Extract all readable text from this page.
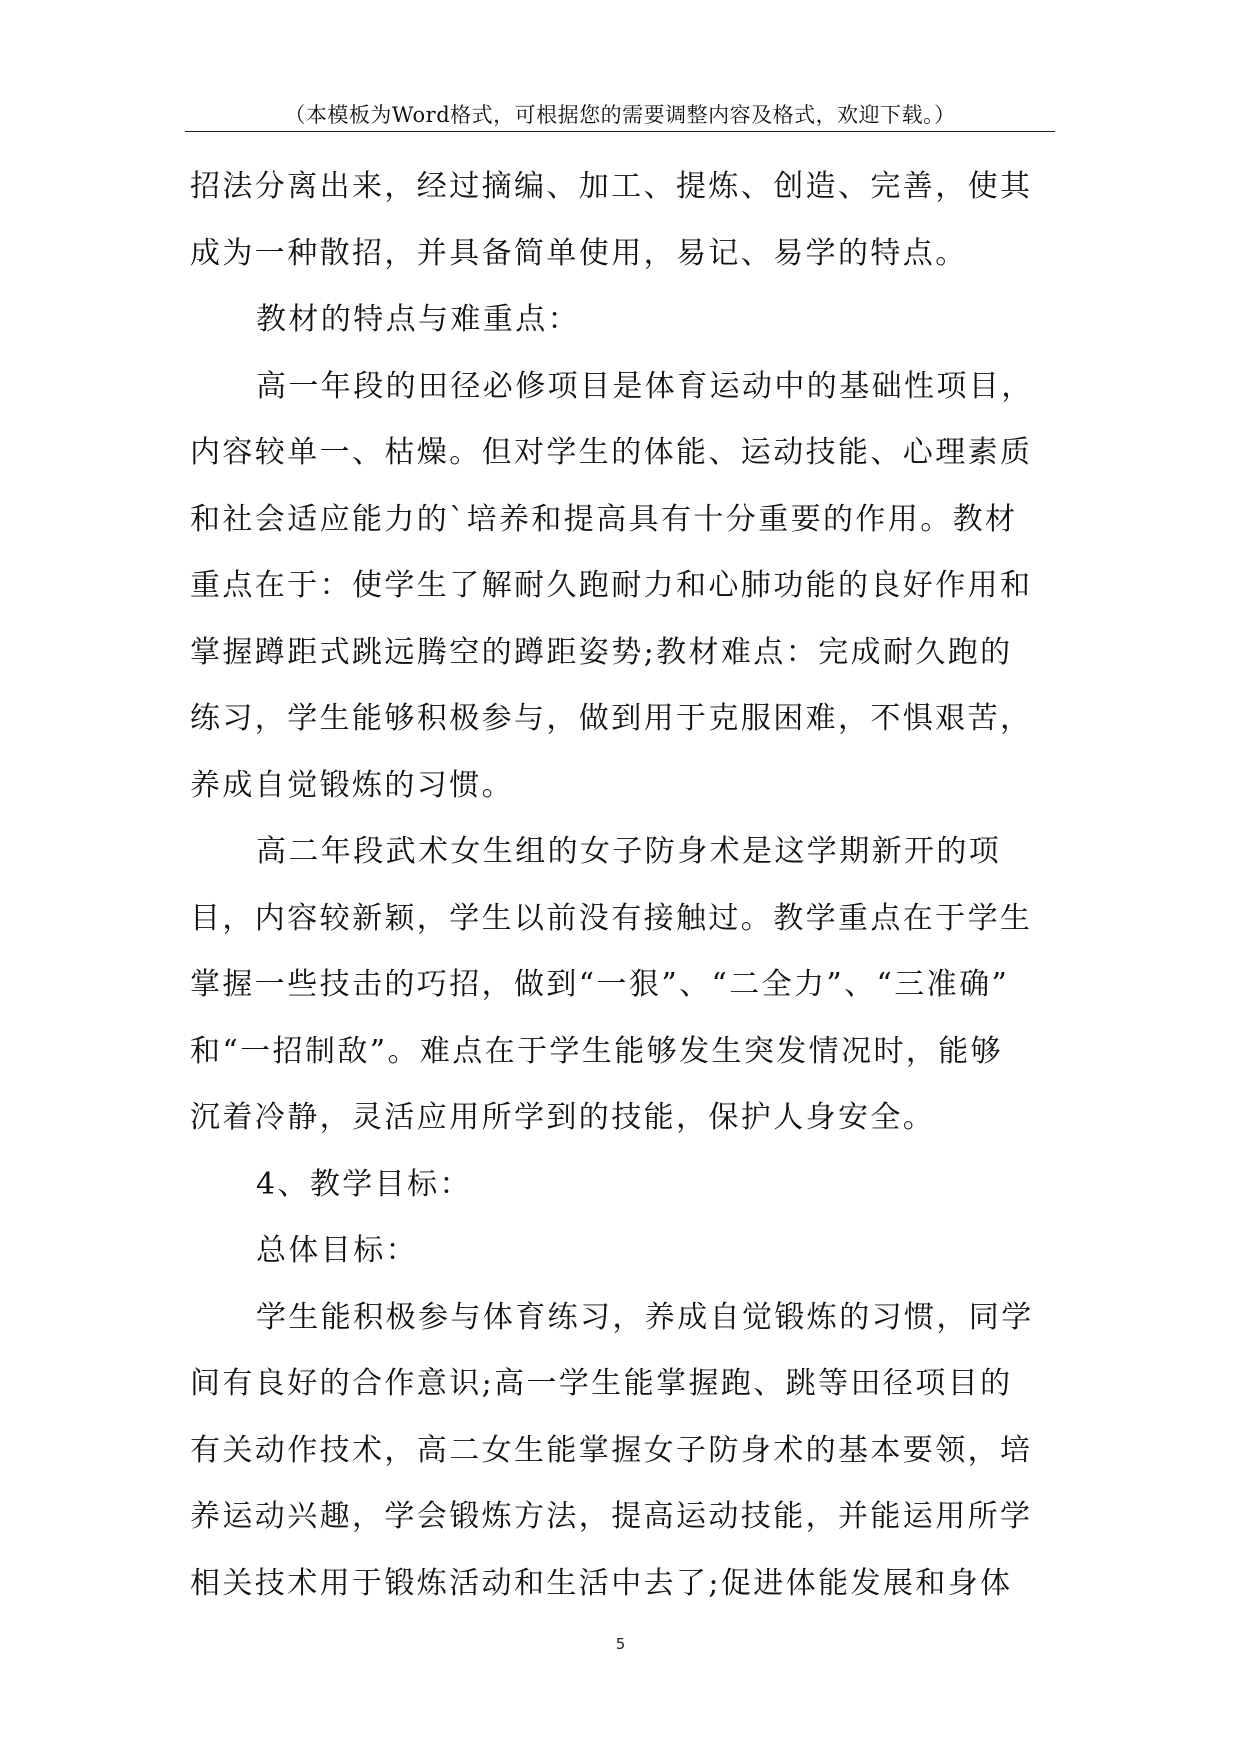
（本模板为Word格式，可根据您的需要调整内容及格式，欢迎下载。）
招法分离出来，经过摘编、加工、提炼、创造、完善，使其
成为一种散招，并具备简单使用，易记、易学的特点。
教材的特点与难重点：
高一年段的田径必修项目是体育运动中的基础性项目，
内容较单一、枯燥。但对学生的体能、运动技能、心理素质
和社会适应能力的`培养和提高具有十分重要的作用。教材
重点在于：使学生了解耐久跑耐力和心肺功能的良好作用和
掌握蹲距式跳远腾空的蹲距姿势;教材难点：完成耐久跑的
练习，学生能够积极参与，做到用于克服困难，不惧艰苦，
养成自觉锻炼的习惯。
高二年段武术女生组的女子防身术是这学期新开的项
目，内容较新颖，学生以前没有接触过。教学重点在于学生
掌握一些技击的巧招，做到“一狠”、“二全力”、“三准确”
和“一招制敌”。难点在于学生能够发生突发情况时，能够
沉着冷静，灵活应用所学到的技能，保护人身安全。
4、教学目标：
总体目标：
学生能积极参与体育练习，养成自觉锻炼的习惯，同学
间有良好的合作意识;高一学生能掌握跑、跳等田径项目的
有关动作技术，高二女生能掌握女子防身术的基本要领，培
养运动兴趣，学会锻炼方法，提高运动技能，并能运用所学
相关技术用于锻炼活动和生活中去了;促进体能发展和身体
5
